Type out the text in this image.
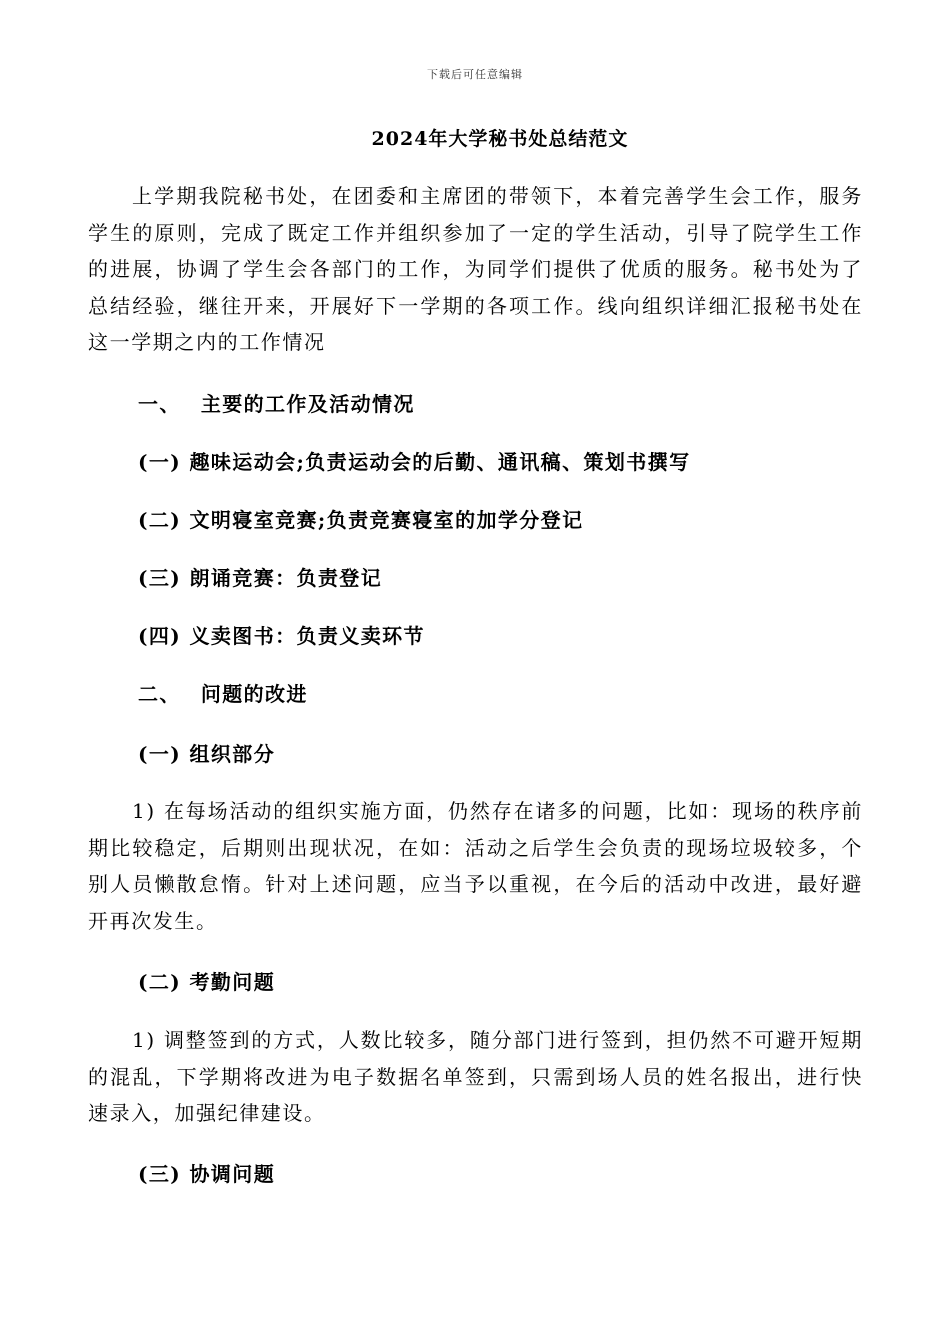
下载后可任意编辑
2024年大学秘书处总结范文

上学期我院秘书处，在团委和主席团的带领下，本着完善学生会工作，服务学生的原则，完成了既定工作并组织参加了一定的学生活动，引导了院学生工作的进展，协调了学生会各部门的工作，为同学们提供了优质的服务。秘书处为了总结经验，继往开来，开展好下一学期的各项工作。线向组织详细汇报秘书处在这一学期之内的工作情况

一、 主要的工作及活动情况
(一) 趣味运动会;负责运动会的后勤、通讯稿、策划书撰写
(二) 文明寝室竞赛;负责竞赛寝室的加学分登记
(三) 朗诵竞赛：负责登记
(四) 义卖图书：负责义卖环节
二、 问题的改进
(一) 组织部分

1) 在每场活动的组织实施方面，仍然存在诸多的问题，比如：现场的秩序前期比较稳定，后期则出现状况，在如：活动之后学生会负责的现场垃圾较多，个别人员懒散怠惰。针对上述问题，应当予以重视，在今后的活动中改进，最好避开再次发生。

(二) 考勤问题

1) 调整签到的方式，人数比较多，随分部门进行签到，担仍然不可避开短期的混乱，下学期将改进为电子数据名单签到，只需到场人员的姓名报出，进行快速录入，加强纪律建设。

(三) 协调问题
